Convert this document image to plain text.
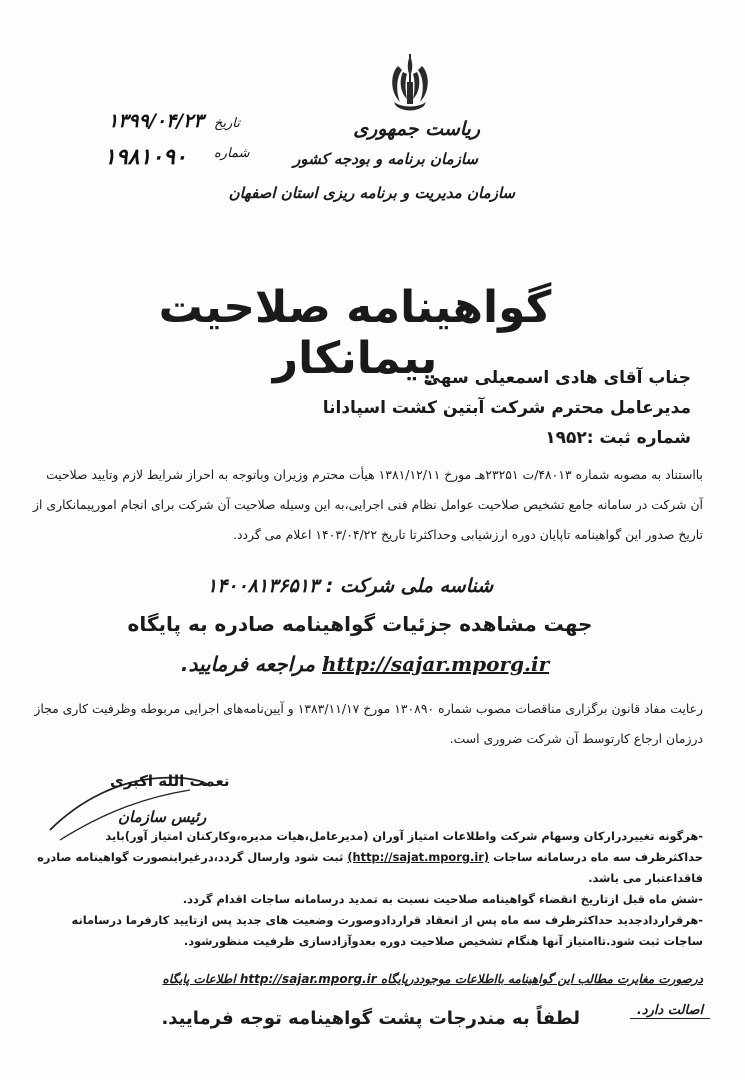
ریاست جمهوری
سازمان برنامه و بودجه کشور
سازمان مدیریت و برنامه ریزی استان اصفهان
تاریخ
۱۳۹۹/۰۴/۲۳
شماره
۱۹۸۱۰۹۰
گواهینامه صلاحیت پیمانکار
جناب آقای هادی اسمعیلی سهی
مدیرعامل محترم شرکت آبتین کشت اسپادانا
شماره ثبت :۱۹۵۲
بااستناد به مصوبه شماره ۴۸۰۱۳/ت ۲۳۲۵۱هـ مورخ ۱۳۸۱/۱۲/۱۱ هیأت محترم وزیران وباتوجه به احراز شرایط لازم وتایید صلاحیت آن شرکت در سامانه جامع تشخیص صلاحیت عوامل نظام فنی اجرایی،به این وسیله صلاحیت آن شرکت برای انجام امورپیمانکاری از تاریخ صدور این گواهینامه تاپایان دوره ارزشیابی وحداکثرتا تاریخ ۱۴۰۳/۰۴/۲۲ اعلام می گردد.
شناسه ملی شرکت : ۱۴۰۰۸۱۳۶۵۱۳
جهت مشاهده جزئیات گواهینامه صادره به پایگاه
http://sajar.mporg.ir مراجعه فرمایید.
رعایت مفاد قانون برگزاری مناقصات مصوب شماره ۱۳۰۸۹۰ مورخ ۱۳۸۳/۱۱/۱۷ و آیین‌نامه‌های اجرایی مربوطه وظرفیت کاری مجاز درزمان ارجاع کارتوسط آن شرکت ضروری است.
نعمت الله اکبری
رئیس سازمان

-هرگونه تغییردرارکان وسهام شرکت واطلاعات امتیاز آوران (مدیرعامل،هیات مدیره،وکارکنان امتیاز آور)باید حداکثرظرف سه ماه درسامانه ساجات (http://sajat.mporg.ir) ثبت شود وارسال گردد،درغیراینصورت گواهینامه صادره فاقداعتبار می باشد.

-شش ماه قبل ازتاریخ انقضاء گواهینامه صلاحیت نسبت به تمدید درسامانه ساجات اقدام گردد.

-هرقراردادجدید حداکثرظرف سه ماه پس از انعقاد قراردادوصورت وضعیت های جدید پس ازتایید کارفرما درسامانه ساجات ثبت شود.تاامتیاز آنها هنگام تشخیص صلاحیت دوره بعدوآزادسازی ظرفیت منظورشود.

درصورت مغایرت مطالب این گواهینامه بااطلاعات موجوددرپایگاه http://sajar.mporg.ir اطلاعات پایگاه
اصالت دارد.
لطفاً به مندرجات پشت گواهینامه توجه فرمایید.
